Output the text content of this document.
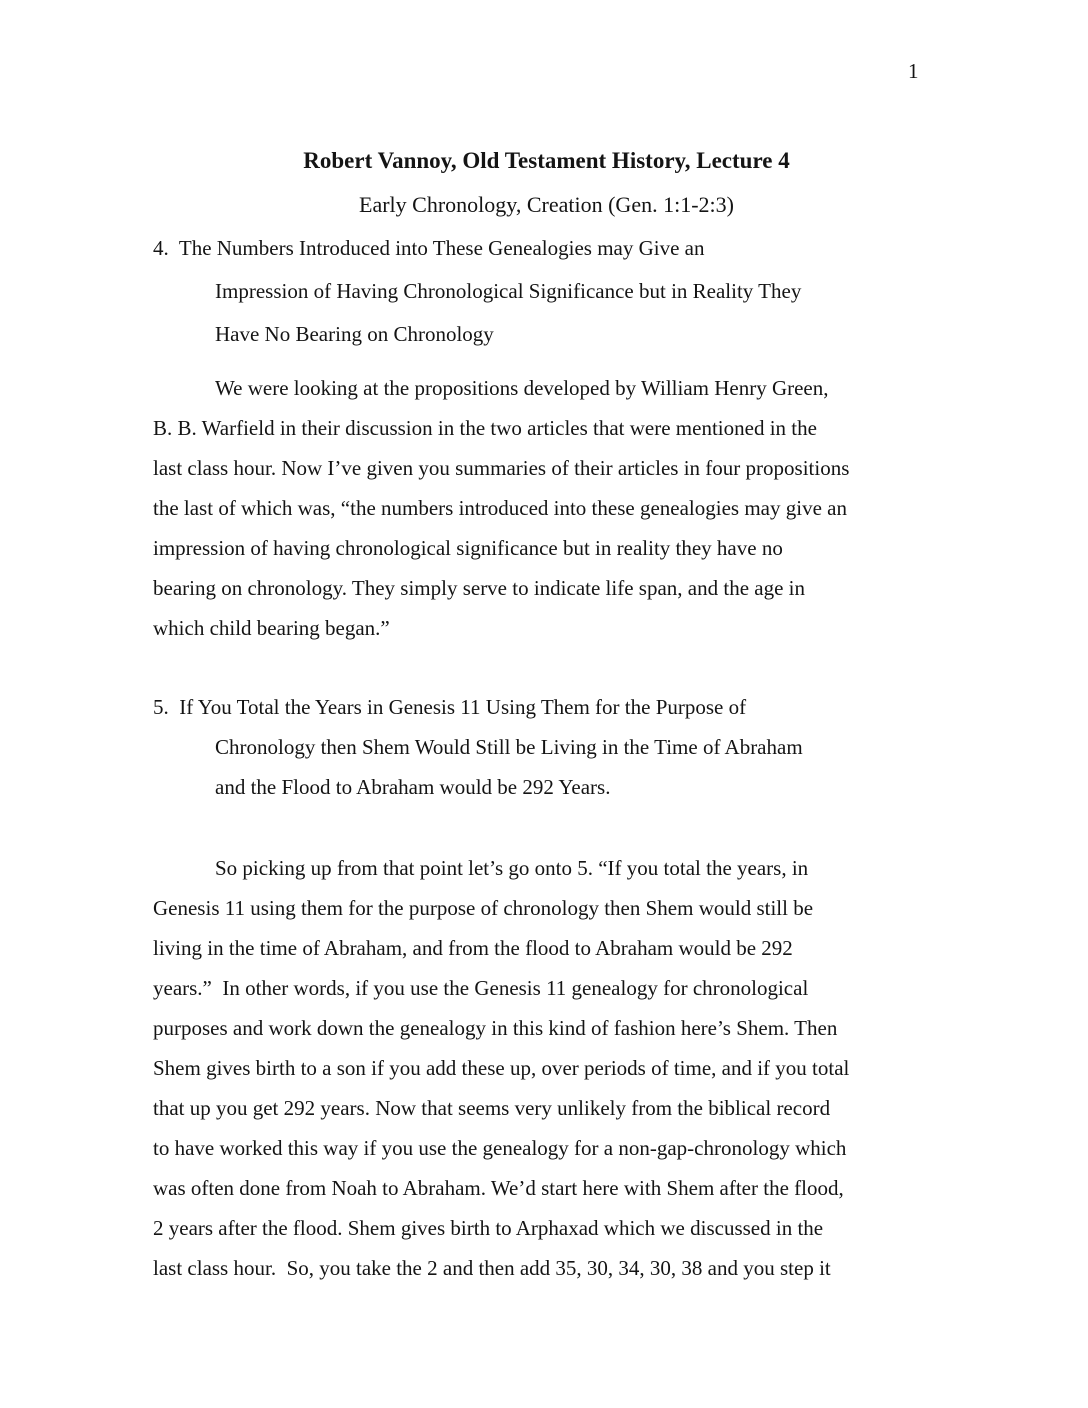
1
Robert Vannoy, Old Testament History, Lecture 4
Early Chronology, Creation (Gen. 1:1-2:3)
4.  The Numbers Introduced into These Genealogies may Give an
Impression of Having Chronological Significance but in Reality They
Have No Bearing on Chronology
We were looking at the propositions developed by William Henry Green,
B. B. Warfield in their discussion in the two articles that were mentioned in the
last class hour. Now I’ve given you summaries of their articles in four propositions
the last of which was, “the numbers introduced into these genealogies may give an
impression of having chronological significance but in reality they have no
bearing on chronology. They simply serve to indicate life span, and the age in
which child bearing began.”
5.  If You Total the Years in Genesis 11 Using Them for the Purpose of
Chronology then Shem Would Still be Living in the Time of Abraham
and the Flood to Abraham would be 292 Years.
So picking up from that point let’s go onto 5. “If you total the years, in
Genesis 11 using them for the purpose of chronology then Shem would still be
living in the time of Abraham, and from the flood to Abraham would be 292
years.”  In other words, if you use the Genesis 11 genealogy for chronological
purposes and work down the genealogy in this kind of fashion here’s Shem. Then
Shem gives birth to a son if you add these up, over periods of time, and if you total
that up you get 292 years. Now that seems very unlikely from the biblical record
to have worked this way if you use the genealogy for a non-gap-chronology which
was often done from Noah to Abraham. We’d start here with Shem after the flood,
2 years after the flood. Shem gives birth to Arphaxad which we discussed in the
last class hour.  So, you take the 2 and then add 35, 30, 34, 30, 38 and you step it
